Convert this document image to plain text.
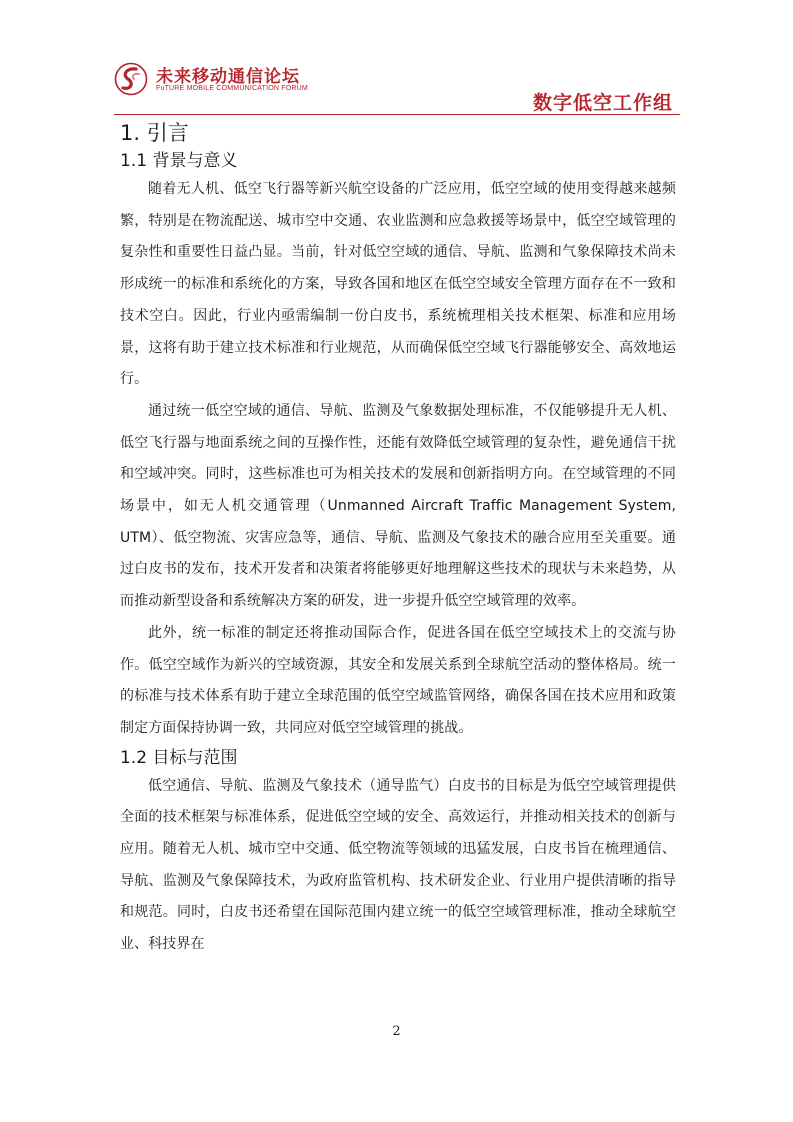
未来移动通信论坛
FuTURE MOBILE COMMUNICATION FORUM
数字低空工作组
1. 引言
1.1 背景与意义

随着无人机、低空飞行器等新兴航空设备的广泛应用，低空空域的使用变得越来越频繁，特别是在物流配送、城市空中交通、农业监测和应急救援等场景中，低空空域管理的复杂性和重要性日益凸显。当前，针对低空空域的通信、导航、监测和气象保障技术尚未形成统一的标准和系统化的方案，导致各国和地区在低空空域安全管理方面存在不一致和技术空白。因此，行业内亟需编制一份白皮书，系统梳理相关技术框架、标准和应用场景，这将有助于建立技术标准和行业规范，从而确保低空空域飞行器能够安全、高效地运行。

通过统一低空空域的通信、导航、监测及气象数据处理标准，不仅能够提升无人机、低空飞行器与地面系统之间的互操作性，还能有效降低空域管理的复杂性，避免通信干扰和空域冲突。同时，这些标准也可为相关技术的发展和创新指明方向。在空域管理的不同场景中，如无人机交通管理（Unmanned Aircraft Traffic Management System, UTM）、低空物流、灾害应急等，通信、导航、监测及气象技术的融合应用至关重要。通过白皮书的发布，技术开发者和决策者将能够更好地理解这些技术的现状与未来趋势，从而推动新型设备和系统解决方案的研发，进一步提升低空空域管理的效率。

此外，统一标准的制定还将推动国际合作，促进各国在低空空域技术上的交流与协作。低空空域作为新兴的空域资源，其安全和发展关系到全球航空活动的整体格局。统一的标准与技术体系有助于建立全球范围的低空空域监管网络，确保各国在技术应用和政策制定方面保持协调一致，共同应对低空空域管理的挑战。

1.2 目标与范围

低空通信、导航、监测及气象技术（通导监气）白皮书的目标是为低空空域管理提供全面的技术框架与标准体系，促进低空空域的安全、高效运行，并推动相关技术的创新与应用。随着无人机、城市空中交通、低空物流等领域的迅猛发展，白皮书旨在梳理通信、导航、监测及气象保障技术，为政府监管机构、技术研发企业、行业用户提供清晰的指导和规范。同时，白皮书还希望在国际范围内建立统一的低空空域管理标准，推动全球航空业、科技界在

2
